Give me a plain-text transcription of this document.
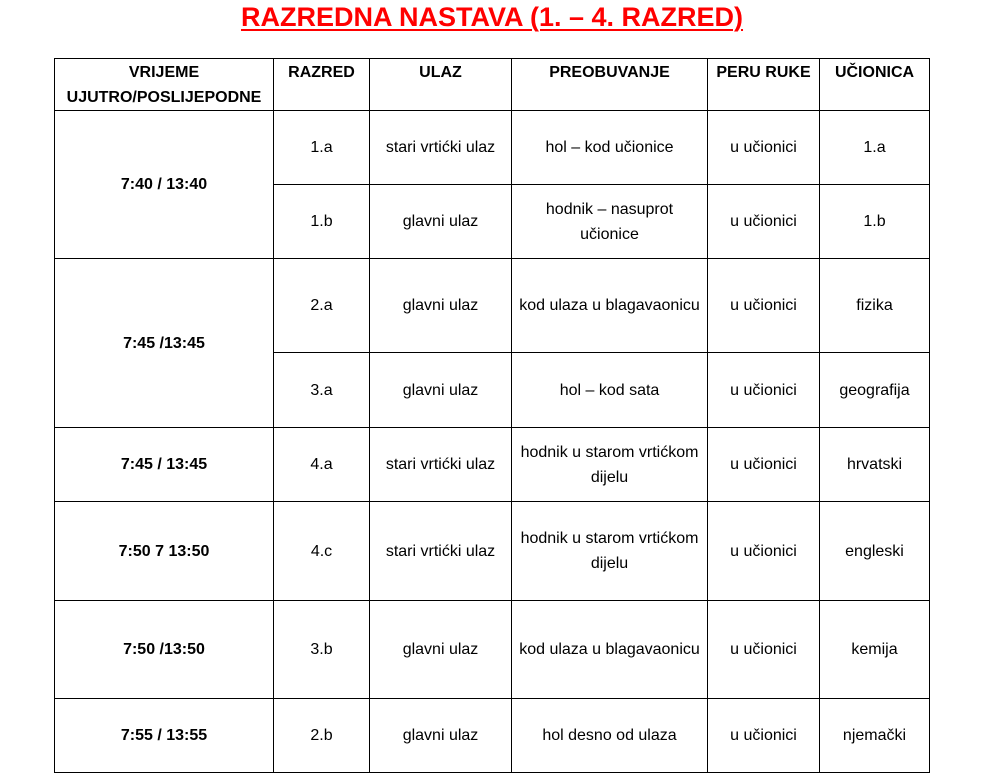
RAZREDNA NASTAVA (1. – 4. RAZRED)
VRIJEME UJUTRO/POSLIJEPODNE	RAZRED	ULAZ	PREOBUVANJE	PERU RUKE	UČIONICA
7:40 / 13:40	1.a	stari vrtićki ulaz	hol – kod učionice	u učionici	1.a
	1.b	glavni ulaz	hodnik – nasuprot učionice	u učionici	1.b
7:45 /13:45	2.a	glavni ulaz	kod ulaza u blagavaonicu	u učionici	fizika
	3.a	glavni ulaz	hol – kod sata	u učionici	geografija
7:45 / 13:45	4.a	stari vrtićki ulaz	hodnik u starom vrtićkom dijelu	u učionici	hrvatski
7:50 7 13:50	4.c	stari vrtićki ulaz	hodnik u starom vrtićkom dijelu	u učionici	engleski
7:50 /13:50	3.b	glavni ulaz	kod ulaza u blagavaonicu	u učionici	kemija
7:55 / 13:55	2.b	glavni ulaz	hol desno od ulaza	u učionici	njemački
